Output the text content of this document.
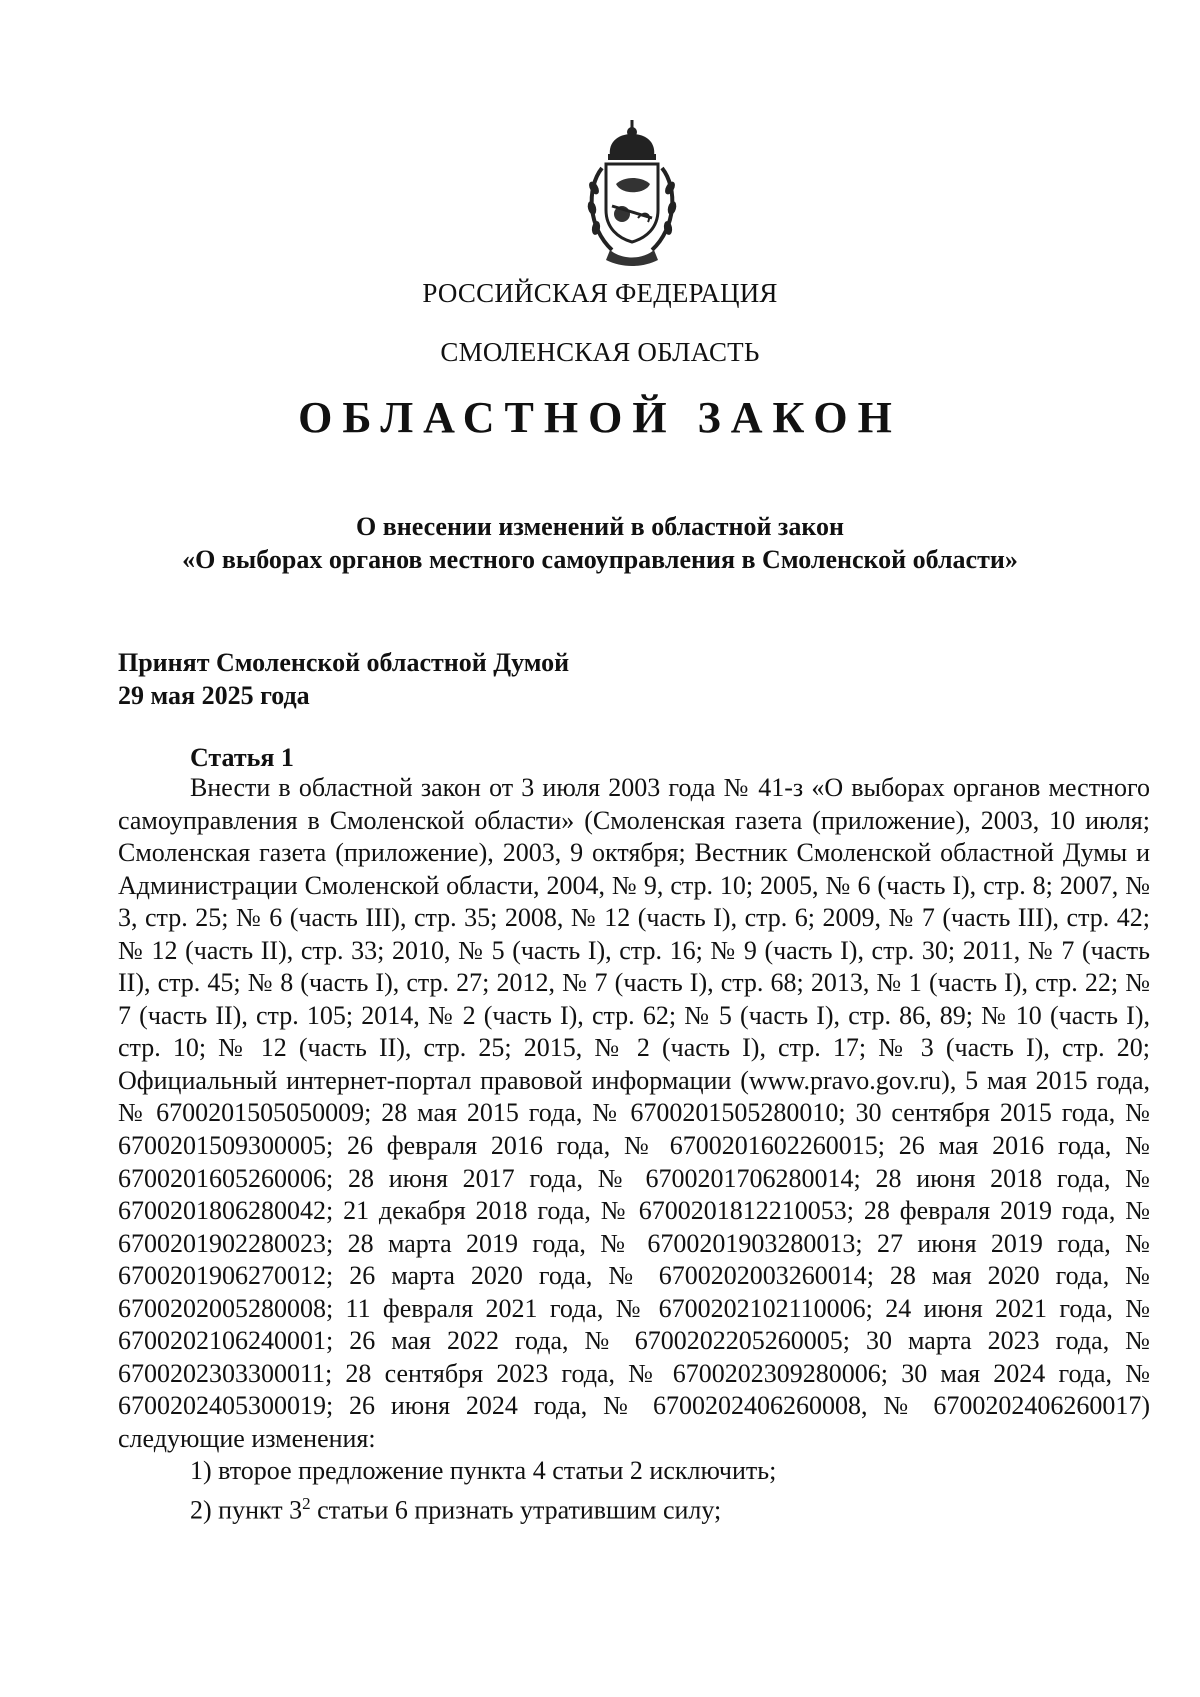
РОССИЙСКАЯ ФЕДЕРАЦИЯ
СМОЛЕНСКАЯ ОБЛАСТЬ
ОБЛАСТНОЙ ЗАКОН
О внесении изменений в областной закон
«О выборах органов местного самоуправления в Смоленской области»
Принят Смоленской областной Думой
29 мая 2025 года
Статья 1

Внести в областной закон от 3 июля 2003 года № 41-з «О выборах органов местного самоуправления в Смоленской области» (Смоленская газета (приложение), 2003, 10 июля; Смоленская газета (приложение), 2003, 9 октября; Вестник Смоленской областной Думы и Администрации Смоленской области, 2004, № 9, стр. 10; 2005, № 6 (часть I), стр. 8; 2007, № 3, стр. 25; № 6 (часть III), стр. 35; 2008, № 12 (часть I), стр. 6; 2009, № 7 (часть III), стр. 42; № 12 (часть II), стр. 33; 2010, № 5 (часть I), стр. 16; № 9 (часть I), стр. 30; 2011, № 7 (часть II), стр. 45; № 8 (часть I), стр. 27; 2012, № 7 (часть I), стр. 68; 2013, № 1 (часть I), стр. 22; № 7 (часть II), стр. 105; 2014, № 2 (часть I), стр. 62; № 5 (часть I), стр. 86, 89; № 10 (часть I), стр. 10; № 12 (часть II), стр. 25; 2015, № 2 (часть I), стр. 17; № 3 (часть I), стр. 20; Официальный интернет-портал правовой информации (www.pravo.gov.ru), 5 мая 2015 года, № 6700201505050009; 28 мая 2015 года, № 6700201505280010; 30 сентября 2015 года, № 6700201509300005; 26 февраля 2016 года, № 6700201602260015; 26 мая 2016 года, № 6700201605260006; 28 июня 2017 года, № 6700201706280014; 28 июня 2018 года, № 6700201806280042; 21 декабря 2018 года, № 6700201812210053; 28 февраля 2019 года, № 6700201902280023; 28 марта 2019 года, № 6700201903280013; 27 июня 2019 года, № 6700201906270012; 26 марта 2020 года, № 6700202003260014; 28 мая 2020 года, № 6700202005280008; 11 февраля 2021 года, № 6700202102110006; 24 июня 2021 года, № 6700202106240001; 26 мая 2022 года, № 6700202205260005; 30 марта 2023 года, № 6700202303300011; 28 сентября 2023 года, № 6700202309280006; 30 мая 2024 года, № 6700202405300019; 26 июня 2024 года, № 6700202406260008, № 6700202406260017) следующие изменения:

1) второе предложение пункта 4 статьи 2 исключить;

2) пункт $3^2$ статьи 6 признать утратившим силу;
